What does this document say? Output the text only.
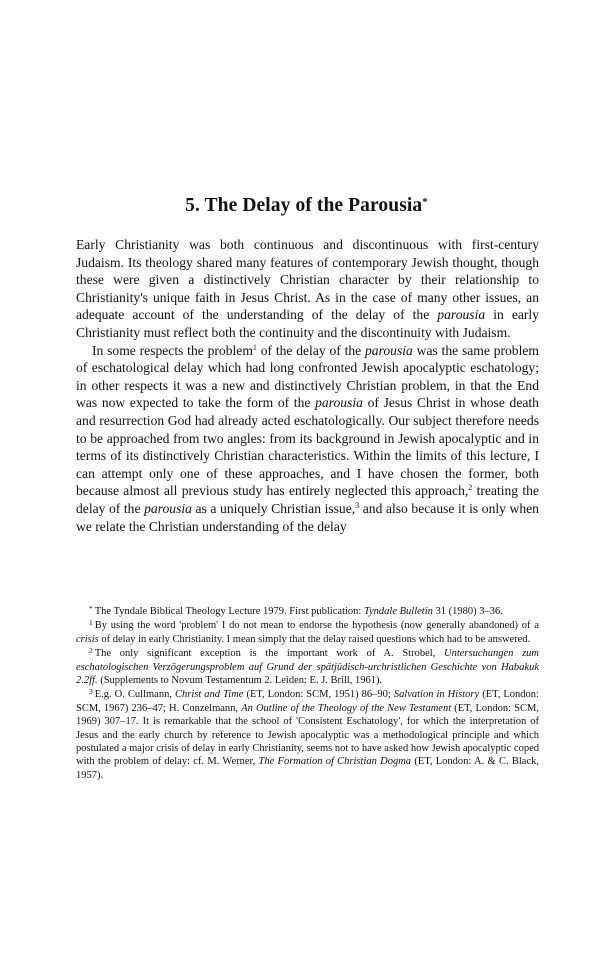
5. The Delay of the Parousia*

Early Christianity was both continuous and discontinuous with first-century Judaism. Its theology shared many features of contemporary Jewish thought, though these were given a distinctively Christian character by their relationship to Christianity's unique faith in Jesus Christ. As in the case of many other issues, an adequate account of the understanding of the delay of the parousia in early Christianity must reflect both the continuity and the discontinuity with Judaism.

In some respects the problem$^1$ of the delay of the parousia was the same problem of eschatological delay which had long confronted Jewish apocalyptic eschatology; in other respects it was a new and distinctively Christian problem, in that the End was now expected to take the form of the parousia of Jesus Christ in whose death and resurrection God had already acted eschatologically. Our subject therefore needs to be approached from two angles: from its background in Jewish apocalyptic and in terms of its distinctively Christian characteristics. Within the limits of this lecture, I can attempt only one of these approaches, and I have chosen the former, both because almost all previous study has entirely neglected this approach,$^2$ treating the delay of the parousia as a uniquely Christian issue,$^3$ and also because it is only when we relate the Christian understanding of the delay

* The Tyndale Biblical Theology Lecture 1979. First publication: Tyndale Bulletin 31 (1980) 3–36.

$^1$ By using the word 'problem' I do not mean to endorse the hypothesis (now generally abandoned) of a crisis of delay in early Christianity. I mean simply that the delay raised questions which had to be answered.

$^2$ The only significant exception is the important work of A. Strobel, Untersuchungen zum eschatologischen Verzögerungsproblem auf Grund der spätjüdisch-urchristlichen Geschichte von Habakuk 2.2ff. (Supplements to Novum Testamentum 2. Leiden: E. J. Brill, 1961).

$^3$ E.g. O. Cullmann, Christ and Time (ET, London: SCM, 1951) 86–90; Salvation in History (ET, London: SCM, 1967) 236–47; H. Conzelmann, An Outline of the Theology of the New Testament (ET, London: SCM, 1969) 307–17. It is remarkable that the school of 'Consistent Eschatology', for which the interpretation of Jesus and the early church by reference to Jewish apocalyptic was a methodological principle and which postulated a major crisis of delay in early Christianity, seems not to have asked how Jewish apocalyptic coped with the problem of delay: cf. M. Werner, The Formation of Christian Dogma (ET, London: A. & C. Black, 1957).
